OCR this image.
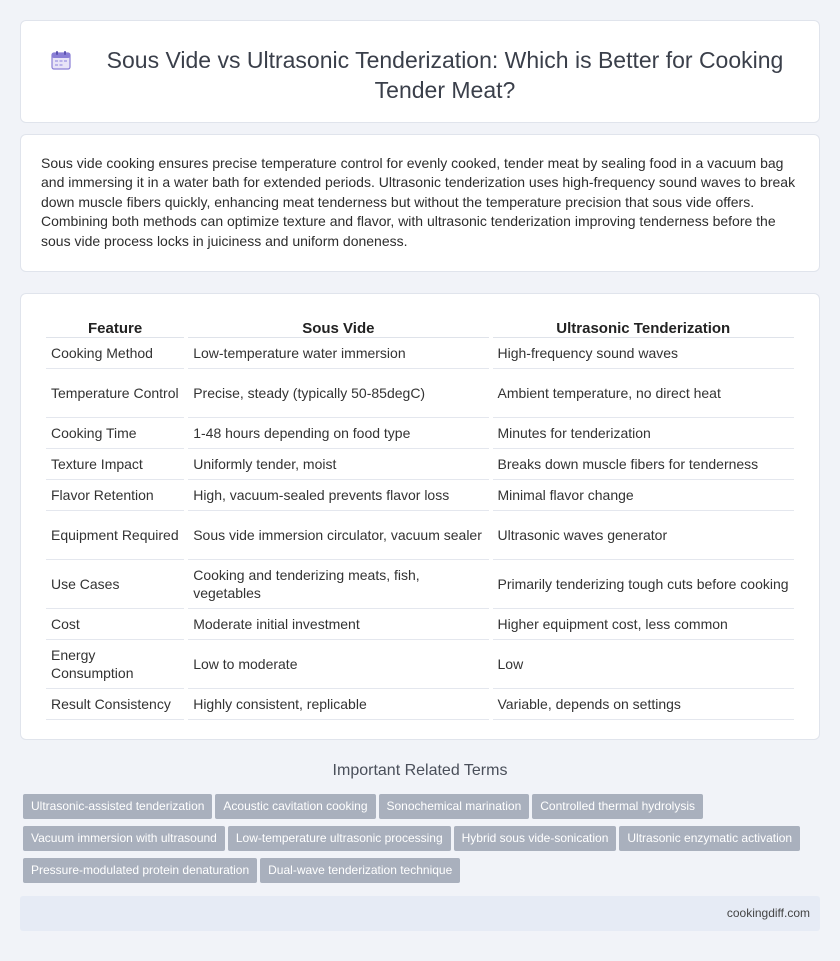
Sous Vide vs Ultrasonic Tenderization: Which is Better for Cooking Tender Meat?

Sous vide cooking ensures precise temperature control for evenly cooked, tender meat by sealing food in a vacuum bag and immersing it in a water bath for extended periods. Ultrasonic tenderization uses high-frequency sound waves to break down muscle fibers quickly, enhancing meat tenderness but without the temperature precision that sous vide offers. Combining both methods can optimize texture and flavor, with ultrasonic tenderization improving tenderness before the sous vide process locks in juiciness and uniform doneness.

Feature	Sous Vide	Ultrasonic Tenderization
Cooking Method	Low-temperature water immersion	High-frequency sound waves
Temperature Control	Precise, steady (typically 50-85degC)	Ambient temperature, no direct heat
Cooking Time	1-48 hours depending on food type	Minutes for tenderization
Texture Impact	Uniformly tender, moist	Breaks down muscle fibers for tenderness
Flavor Retention	High, vacuum-sealed prevents flavor loss	Minimal flavor change
Equipment Required	Sous vide immersion circulator, vacuum sealer	Ultrasonic waves generator
Use Cases	Cooking and tenderizing meats, fish, vegetables	Primarily tenderizing tough cuts before cooking
Cost	Moderate initial investment	Higher equipment cost, less common
Energy Consumption	Low to moderate	Low
Result Consistency	Highly consistent, replicable	Variable, depends on settings
Important Related Terms
Ultrasonic-assisted tenderization Acoustic cavitation cooking Sonochemical marination Controlled thermal hydrolysis
Vacuum immersion with ultrasound Low-temperature ultrasonic processing Hybrid sous vide-sonication Ultrasonic enzymatic activation
Pressure-modulated protein denaturation Dual-wave tenderization technique
cookingdiff.com
